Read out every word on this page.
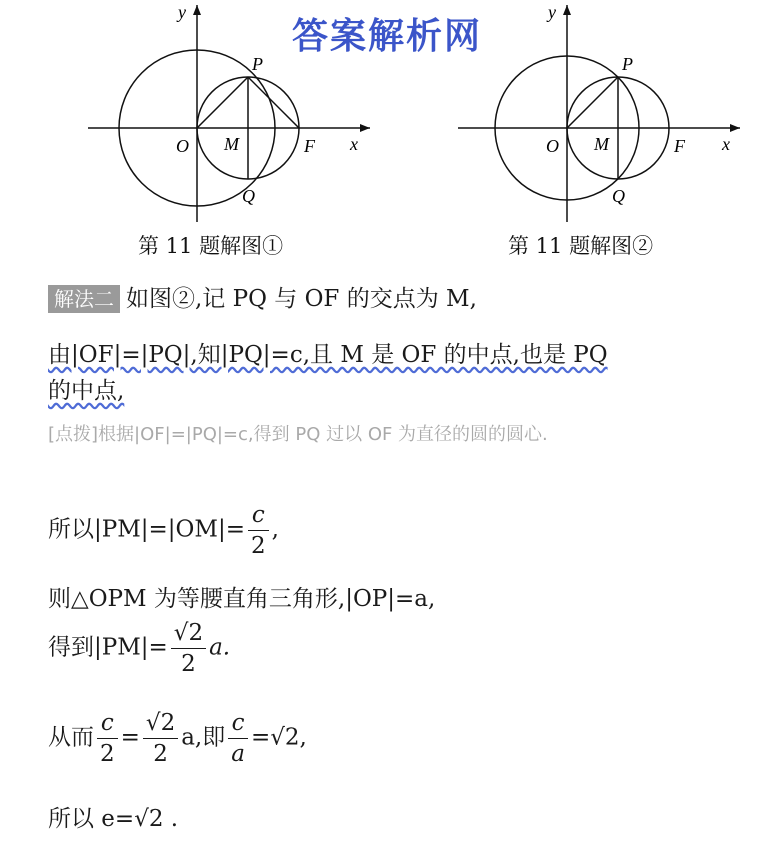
答案解析网
y
x
P
O M	F
Q
第 11 题解图①
y
x
P
O M	F
Q
第 11 题解图②
解法二 如图②,记 PQ 与 OF 的交点为 M,
由|OF|=|PQ|,知|PQ|=c,且 M 是 OF 的中点,也是 PQ
的中点,
[点拨]根据|OF|=|PQ|=c,得到 PQ 过以 OF 为直径的圆的圆心.
所以$|PM|=|OM|= \frac{c}{2}$ ,
则△OPM 为等腰直角三角形,|OP|=a,
得到$|PM|= \frac{√2}{2} a$.
从而 $\frac{c}{2} = \frac{√2}{2} a$,即 $\frac{c}{a} =√2$,
所以 e=√2 .
